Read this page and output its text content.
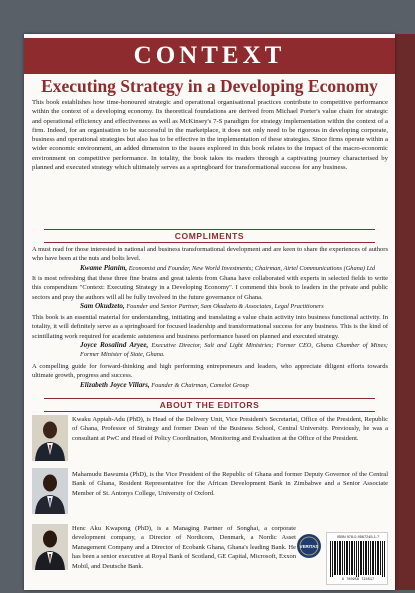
CONTEXT
Executing Strategy in a Developing Economy

This book establishes how time-honoured strategic and operational organisational practices contribute to competitive performance within the context of a developing economy. Its theoretical foundations are derived from Michael Porter's value chain for strategic and operational efficiency and effectiveness as well as McKinsey's 7-S paradigm for strategy implementation within the context of a firm. Indeed, for an organisation to be successful in the marketplace, it does not only need to be rigorous in developing corporate, business and operational strategies but also has to be effective in the implementation of these strategies. Since firms operate within a wider economic environment, an added dimension to the issues explored in this book relates to the impact of the macro-economic environment on competitive performance. In totality, the book takes its readers through a captivating journey characterised by planned and executed strategy which ultimately serves as a springboard for transformational success for any business.

COMPLIMENTS
A must read for those interested in national and business transformational development and are keen to share the experiences of authors who have been at the nuts and bolts level.
Kwame Pianim, Economist and Founder, New World Investments; Chairman, Airtel Communications (Ghana) Ltd
It is most refreshing that these three fine brains and great talents from Ghana have collaborated with experts in selected fields to write this compendium "Context: Executing Strategy in a Developing Economy". I commend this book to leaders in the private and public sectors and pray the authors will all be fully involved in the future governance of Ghana.
Sam Okudzeto, Founder and Senior Partner, Sam Okudzeto & Associates, Legal Practitioners
This book is an essential material for understanding, initiating and translating a value chain activity into business functional activity. In totality, it will definitely serve as a springboard for focused leadership and transformational success for any business. This is the kind of scintillating work required for academic astuteness and business performance based on planned and executed strategy.
Joyce Rosalind Aryee, Executive Director, Salt and Light Ministries; Former CEO, Ghana Chamber of Mines; Former Minister of State, Ghana.
A compelling guide for forward-thinking and high performing entrepreneurs and leaders, who appreciate diligent efforts towards ultimate growth, progress and success.
Elizabeth Joyce Villars, Founder & Chairman, Camelot Group
ABOUT THE EDITORS

Kwaku Appiah-Adu (PhD), is Head of the Delivery Unit, Vice President's Secretariat, Office of the President, Republic of Ghana, Professor of Strategy and former Dean of the Business School, Central University. Previously, he was a consultant at PwC and Head of Policy Coordination, Monitoring and Evaluation at the Office of the President.

Mahamudu Bawumia (PhD), is the Vice President of the Republic of Ghana and former Deputy Governor of the Central Bank of Ghana, Resident Representative for the African Development Bank in Zimbabwe and a Senior Associate Member of St. Antonys College, University of Oxford.

Henc Aku Kwapong (PhD), is a Managing Partner of Songhai, a corporate development company, a Director of Nordicom, Denmark, a Nordic Asset Management Company and a Director of Ecobank Ghana, Ghana's leading Bank. He has been a senior executive at Royal Bank of Scotland, GE Capital, Microsoft, Exxon Mobil, and Deutsche Bank.

VERITAS
ISBN 978-0-9567245-1-7
9 780956 724517
